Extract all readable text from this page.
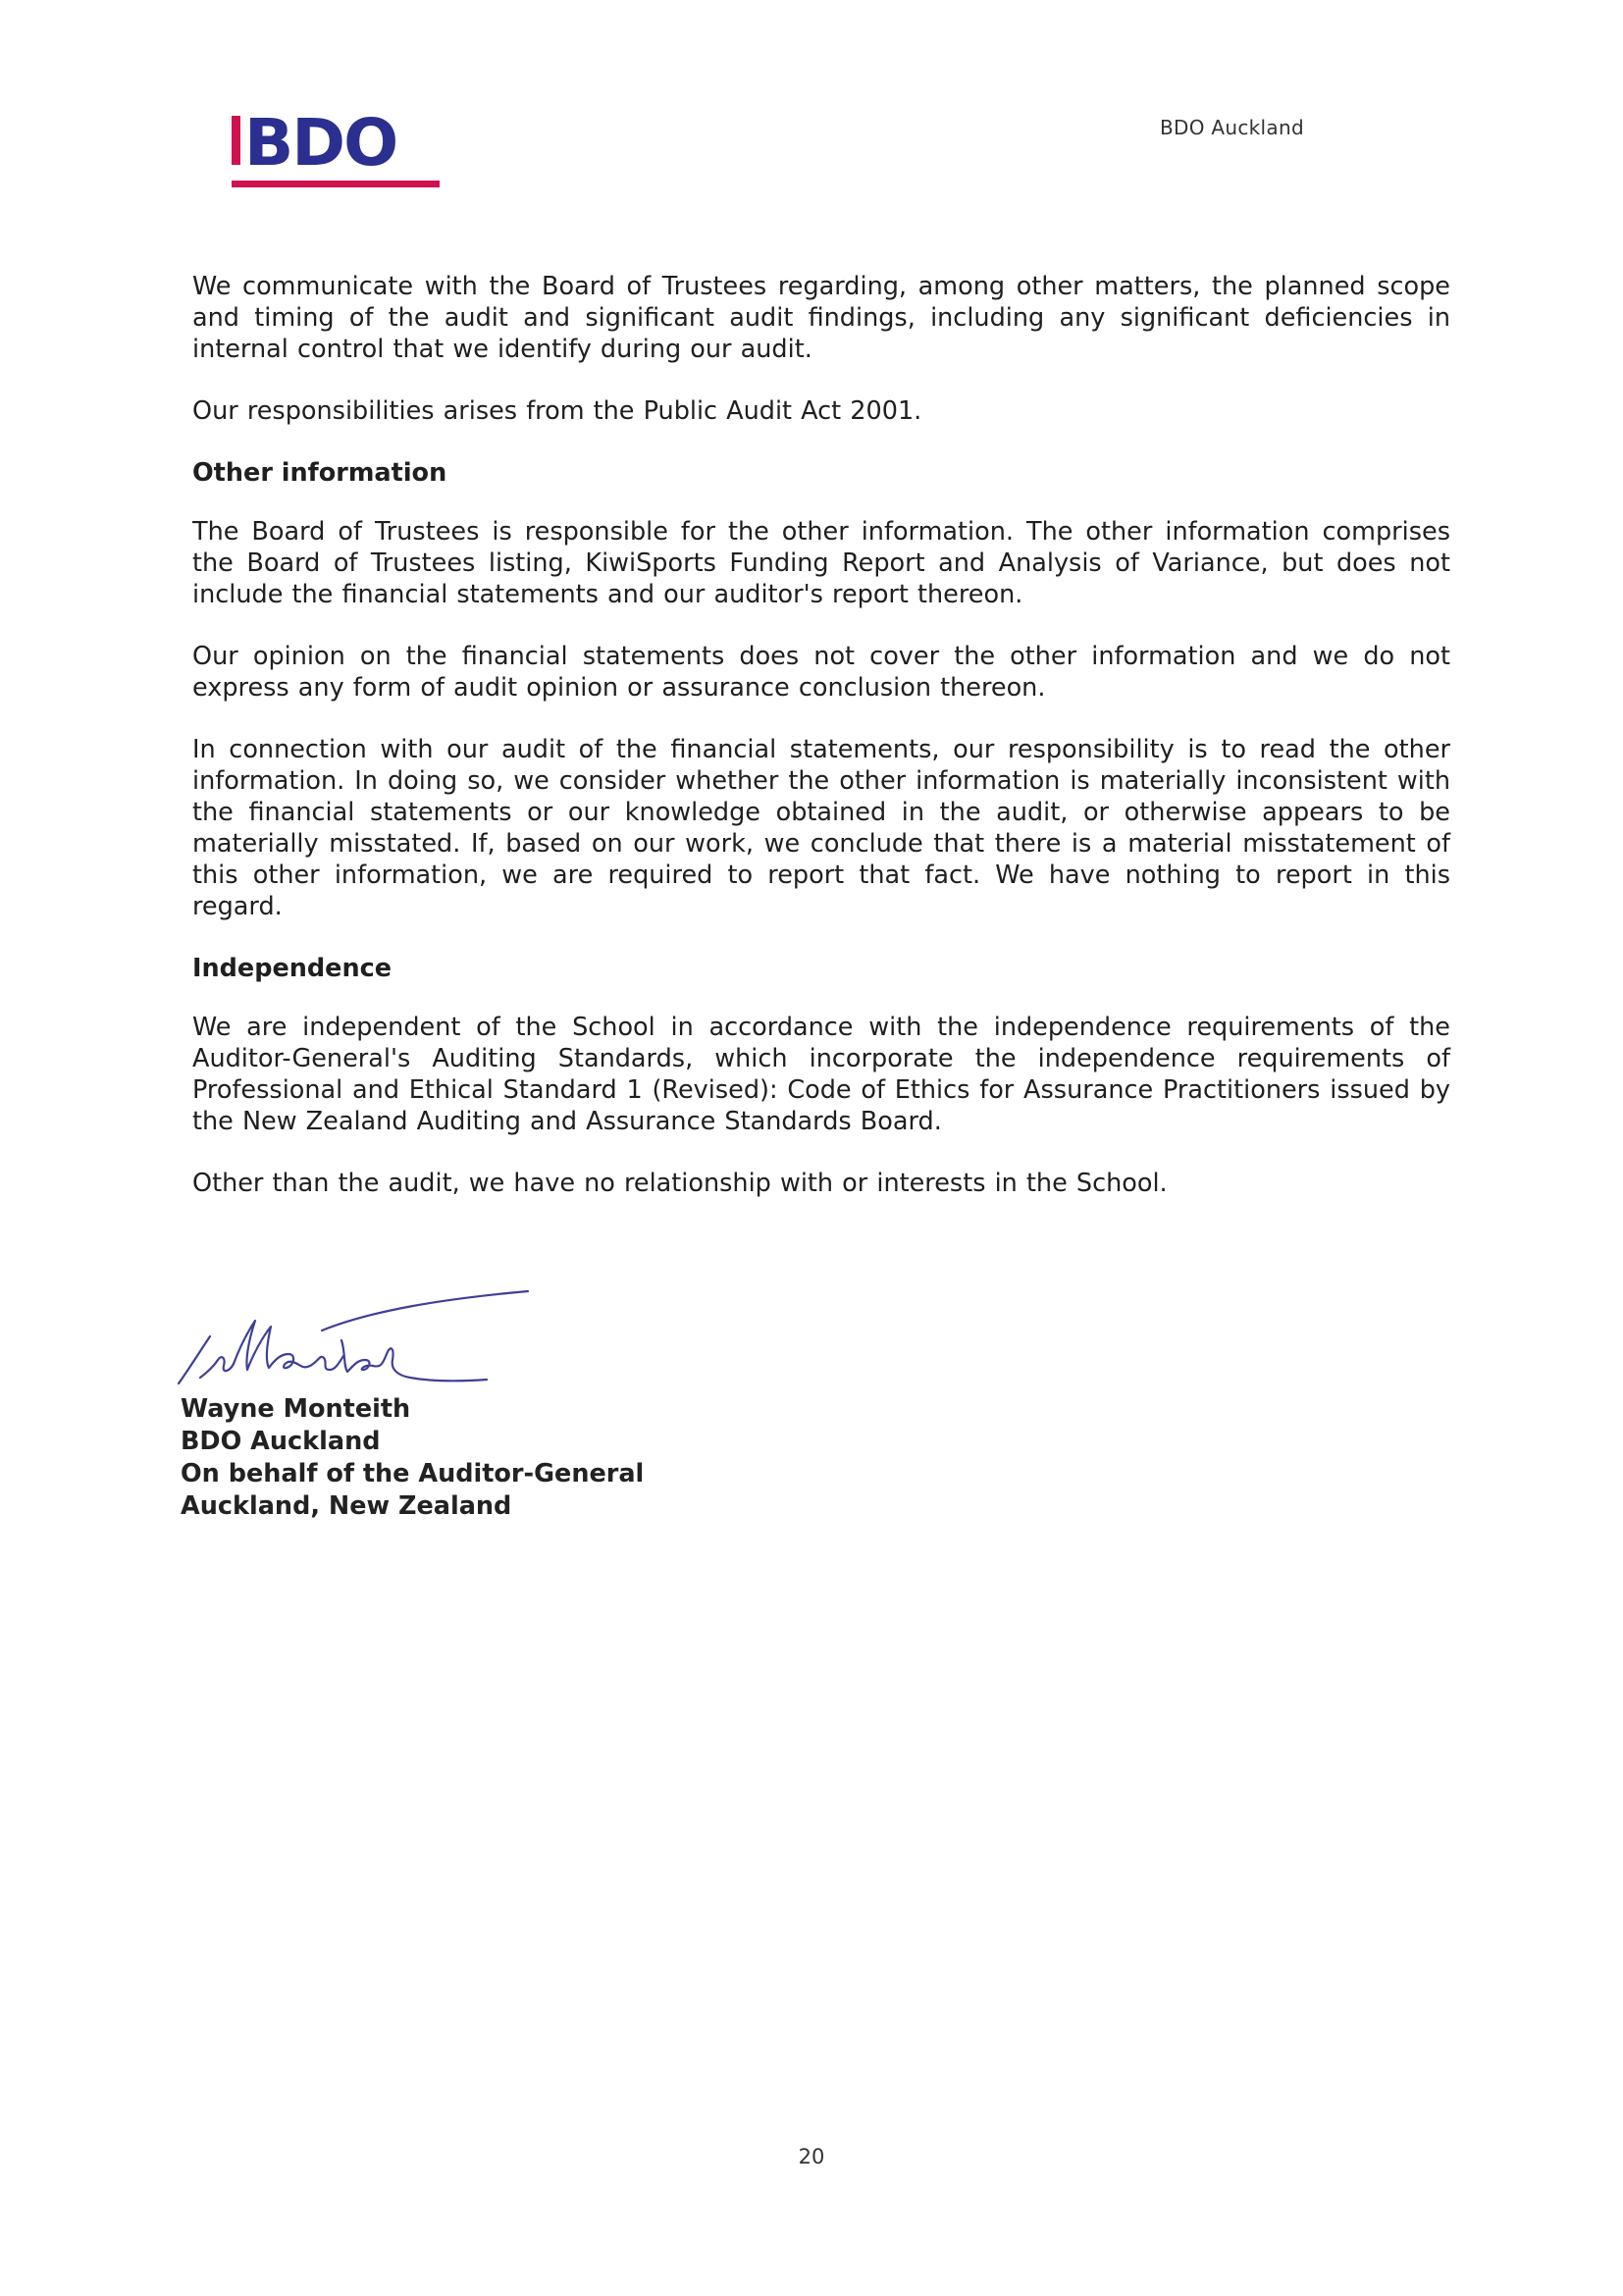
BDO	BDO Auckland

We communicate with the Board of Trustees regarding, among other matters, the planned scope and timing of the audit and significant audit findings, including any significant deficiencies in internal control that we identify during our audit.

Our responsibilities arises from the Public Audit Act 2001.

Other information

The Board of Trustees is responsible for the other information. The other information comprises the Board of Trustees listing, KiwiSports Funding Report and Analysis of Variance, but does not include the financial statements and our auditor's report thereon.

Our opinion on the financial statements does not cover the other information and we do not express any form of audit opinion or assurance conclusion thereon.

In connection with our audit of the financial statements, our responsibility is to read the other information. In doing so, we consider whether the other information is materially inconsistent with the financial statements or our knowledge obtained in the audit, or otherwise appears to be materially misstated. If, based on our work, we conclude that there is a material misstatement of this other information, we are required to report that fact. We have nothing to report in this regard.

Independence

We are independent of the School in accordance with the independence requirements of the Auditor-General's Auditing Standards, which incorporate the independence requirements of Professional and Ethical Standard 1 (Revised): Code of Ethics for Assurance Practitioners issued by the New Zealand Auditing and Assurance Standards Board.

Other than the audit, we have no relationship with or interests in the School.

Wayne Monteith
BDO Auckland
On behalf of the Auditor-General
Auckland, New Zealand
20
